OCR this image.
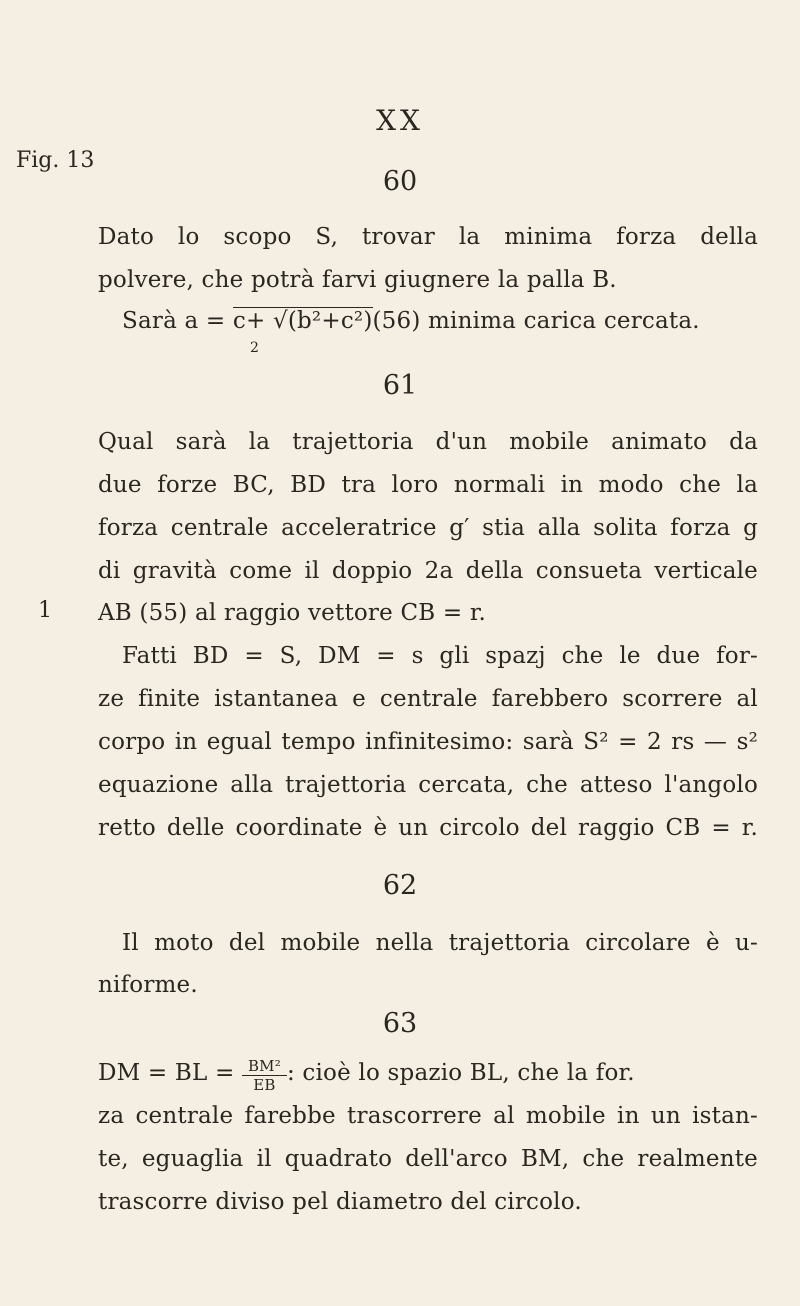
XX
60
Fig. 13
Dato lo scopo S, trovar la minima forza della
polvere, che potrà farvi giugnere la palla B.
Sarà a = c+ √(b²+c²)(56) minima carica cercata.
2
61
Qual sarà la trajettoria d'un mobile animato da
due forze BC, BD tra loro normali in modo che la
forza centrale acceleratrice g′ stia alla solita forza g
di gravità come il doppio 2a della consueta verticale
1 AB (55) al raggio vettore CB = r.
Fatti BD = S, DM = s gli spazj che le due for-
ze finite istantanea e centrale farebbero scorrere al
corpo in egual tempo infinitesimo: sarà S² = 2 rs — s²
equazione alla trajettoria cercata, che atteso l'angolo
retto delle coordinate è un circolo del raggio CB = r.
62
Il moto del mobile nella trajettoria circolare è u-
niforme.
63
DM = BL = $\frac{\text{BM²}}{EB}$ : cioè lo spazio BL, che la for.
za centrale farebbe trascorrere al mobile in un istan-
te, eguaglia il quadrato dell'arco BM, che realmente
trascorre diviso pel diametro del circolo.
